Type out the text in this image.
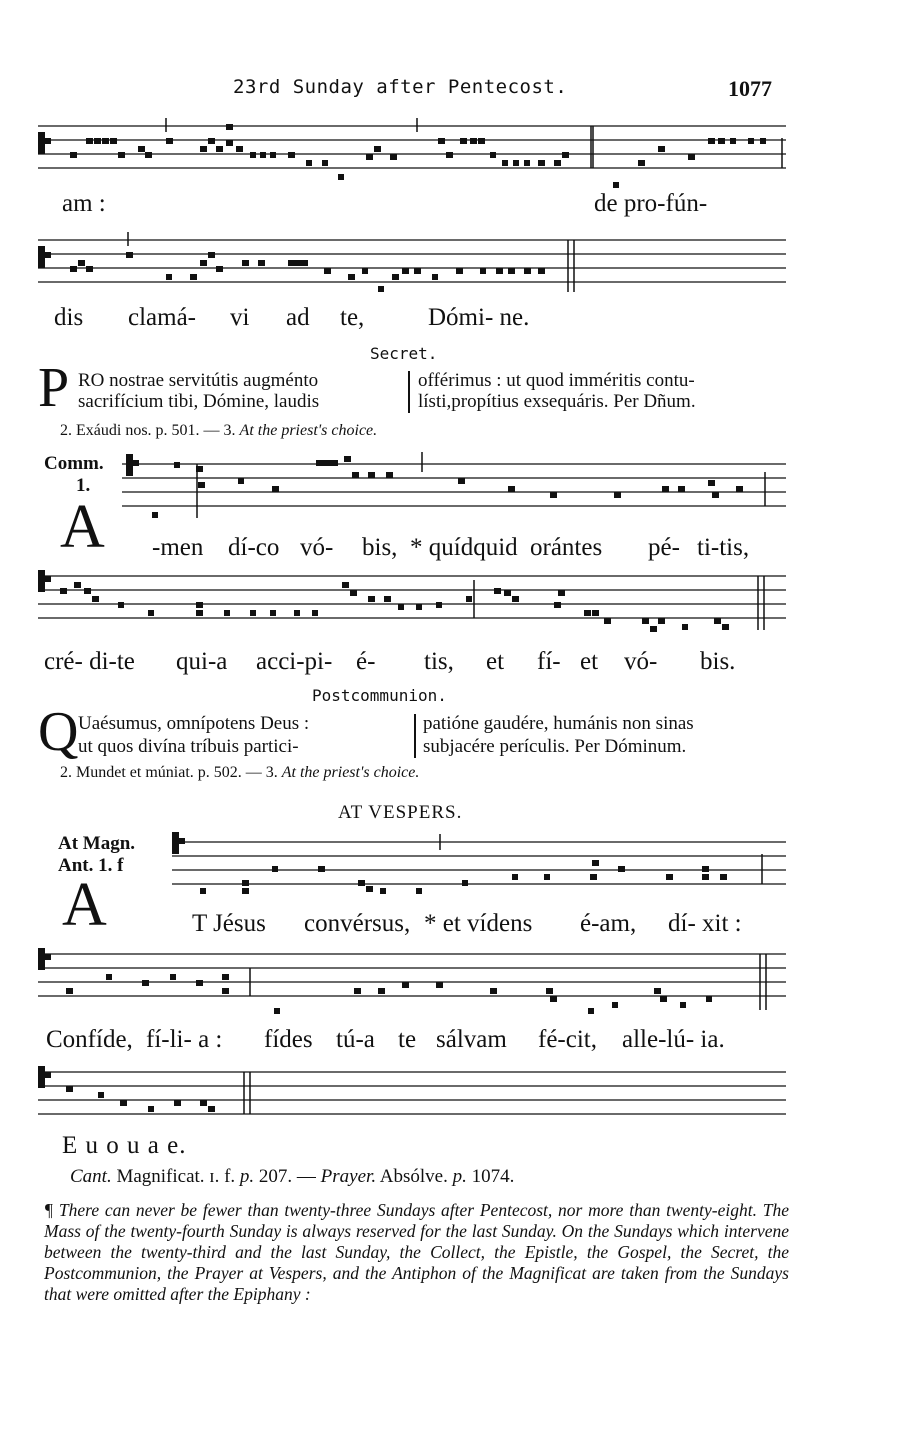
23rd Sunday after Pentecost.	1077
am :	de pro-fún-
dis clamá- vi ad te,	Dómi- ne.
Secret.
P RO nostrae servitútis augménto
sacrifícium tibi, Dómine, laudis
offérimus : ut quod imméritis contu-
lísti,propítius exsequáris. Per Dñum.
2. Exáudi nos. p. 501. — 3. At the priest's choice.
Comm.
1.
A -men dí-co vó- bis, * quídquid orántes pé- ti-tis,
cré- di-te qui-a acci-pi- é- tis, et fí- et vó- bis.
Postcommunion.
Q Uaésumus, omnípotens Deus :
ut quos divína tríbuis partici-
patióne gaudére, humánis non sinas
subjacére perículis. Per Dóminum.
2. Mundet et múniat. p. 502. — 3. At the priest's choice.
AT VESPERS.
At Magn.
Ant. 1. f
A	T Jésus convérsus, * et vídens é-am, dí- xit :
Confíde, fí-li- a : fídes tú-a te sálvam fé-cit, alle-lú- ia.
E u o u a e.
Cant. Magnificat. ɪ. f. p. 207. — Prayer. Absólve. p. 1074.
¶ There can never be fewer than twenty-three Sundays after Pentecost, nor more than twenty-eight. The Mass of the twenty-fourth Sunday is always reserved for the last Sunday. On the Sundays which intervene between the twenty-third and the last Sunday, the Collect, the Epistle, the Gospel, the Secret, the Postcommunion, the Prayer at Vespers, and the Antiphon of the Magnificat are taken from the Sundays that were omitted after the Epiphany :
